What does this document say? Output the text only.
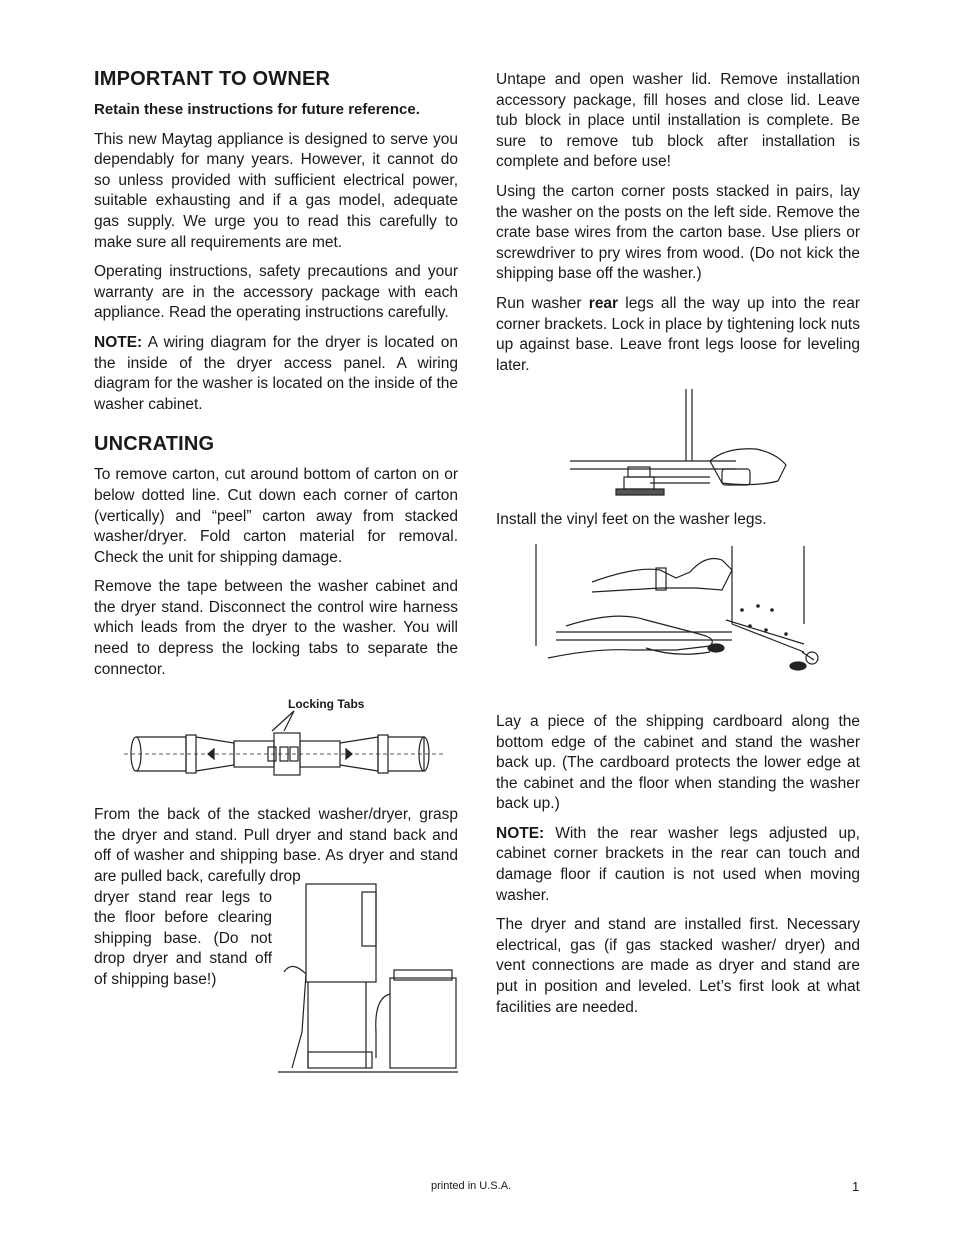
IMPORTANT TO OWNER

Retain these instructions for future reference.

This new Maytag appliance is designed to serve you dependably for many years. However, it cannot do so unless provided with sufficient electrical power, suitable exhausting and if a gas model, adequate gas supply. We urge you to read this carefully to make sure all requirements are met.

Operating instructions, safety precautions and your warranty are in the accessory package with each appliance. Read the operating instructions carefully.

NOTE: A wiring diagram for the dryer is located on the inside of the dryer access panel. A wiring diagram for the washer is located on the inside of the washer cabinet.

UNCRATING

To remove carton, cut around bottom of carton on or below dotted line. Cut down each corner of carton (vertically) and “peel” carton away from stacked washer/dryer. Fold carton material for removal. Check the unit for shipping damage.

Remove the tape between the washer cabinet and the dryer stand. Disconnect the control wire harness which leads from the dryer to the washer. You will need to depress the locking tabs to separate the connector.

Locking Tabs

From the back of the stacked washer/dryer, grasp the dryer and stand. Pull dryer and stand back and off of washer and shipping base. As dryer and stand are pulled back, carefully drop

dryer stand rear legs to the floor before clearing shipping base. (Do not drop dryer and stand off of shipping base!)

Untape and open washer lid. Remove installation accessory package, fill hoses and close lid. Leave tub block in place until installation is complete. Be sure to remove tub block after installation is complete and before use!

Using the carton corner posts stacked in pairs, lay the washer on the posts on the left side. Remove the crate base wires from the carton base. Use pliers or screwdriver to pry wires from wood. (Do not kick the shipping base off the washer.)

Run washer rear legs all the way up into the rear corner brackets. Lock in place by tightening lock nuts up against base. Leave front legs loose for leveling later.

Install the vinyl feet on the washer legs.

Lay a piece of the shipping cardboard along the bottom edge of the cabinet and stand the washer back up. (The cardboard protects the lower edge at the cabinet and the floor when standing the washer back up.)

NOTE: With the rear washer legs adjusted up, cabinet corner brackets in the rear can touch and damage floor if caution is not used when moving washer.

The dryer and stand are installed first. Necessary electrical, gas (if gas stacked washer/ dryer) and vent connections are made as dryer and stand are put in position and leveled. Let’s first look at what facilities are needed.

printed in U.S.A.	1
